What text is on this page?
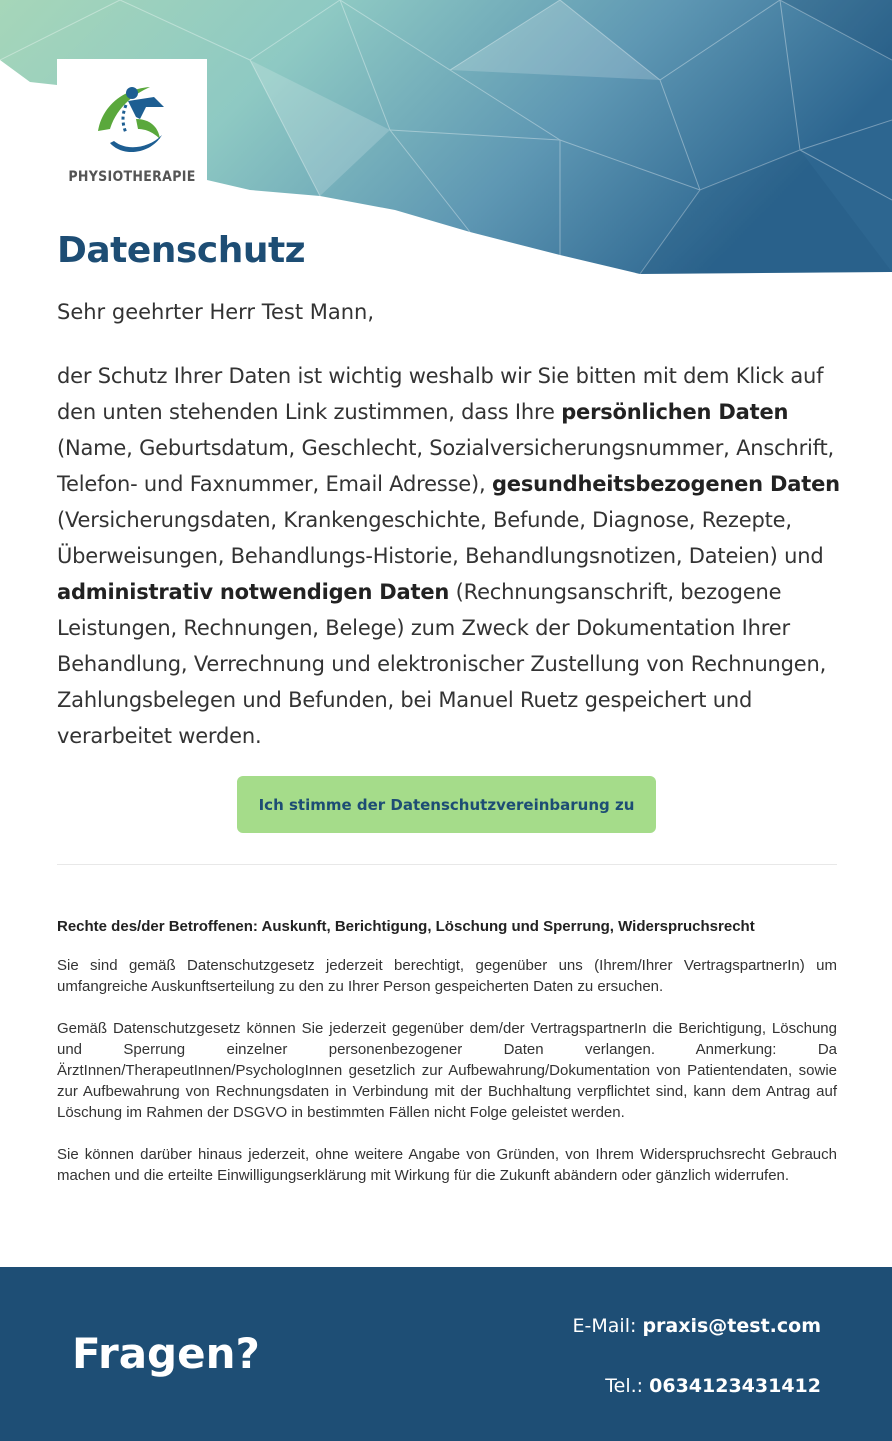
PHYSIOTHERAPIE
Datenschutz

Sehr geehrter Herr Test Mann,

der Schutz Ihrer Daten ist wichtig weshalb wir Sie bitten mit dem Klick auf den unten stehenden Link zustimmen, dass Ihre persönlichen Daten (Name, Geburtsdatum, Geschlecht, Sozialversicherungsnummer, Anschrift, Telefon- und Faxnummer, Email Adresse), gesundheitsbezogenen Daten (Versicherungsdaten, Krankengeschichte, Befunde, Diagnose, Rezepte, Überweisungen, Behandlungs-Historie, Behandlungsnotizen, Dateien) und administrativ notwendigen Daten (Rechnungsanschrift, bezogene Leistungen, Rechnungen, Belege) zum Zweck der Dokumentation Ihrer Behandlung, Verrechnung und elektronischer Zustellung von Rechnungen, Zahlungsbelegen und Befunden, bei Manuel Ruetz gespeichert und verarbeitet werden.

Ich stimme der Datenschutzvereinbarung zu
Rechte des/der Betroffenen: Auskunft, Berichtigung, Löschung und Sperrung, Widerspruchsrecht

Sie sind gemäß Datenschutzgesetz jederzeit berechtigt, gegenüber uns (Ihrem/Ihrer VertragspartnerIn) um umfangreiche Auskunftserteilung zu den zu Ihrer Person gespeicherten Daten zu ersuchen.

Gemäß Datenschutzgesetz können Sie jederzeit gegenüber dem/der VertragspartnerIn die Berichtigung, Löschung und Sperrung einzelner personenbezogener Daten verlangen. Anmerkung: Da ÄrztInnen/TherapeutInnen/PsychologInnen gesetzlich zur Aufbewahrung/Dokumentation von Patientendaten, sowie zur Aufbewahrung von Rechnungsdaten in Verbindung mit der Buchhaltung verpflichtet sind, kann dem Antrag auf Löschung im Rahmen der DSGVO in bestimmten Fällen nicht Folge geleistet werden.

Sie können darüber hinaus jederzeit, ohne weitere Angabe von Gründen, von Ihrem Widerspruchsrecht Gebrauch machen und die erteilte Einwilligungserklärung mit Wirkung für die Zukunft abändern oder gänzlich widerrufen.

Fragen?
E-Mail: praxis@test.com
Tel.: 0634123431412
